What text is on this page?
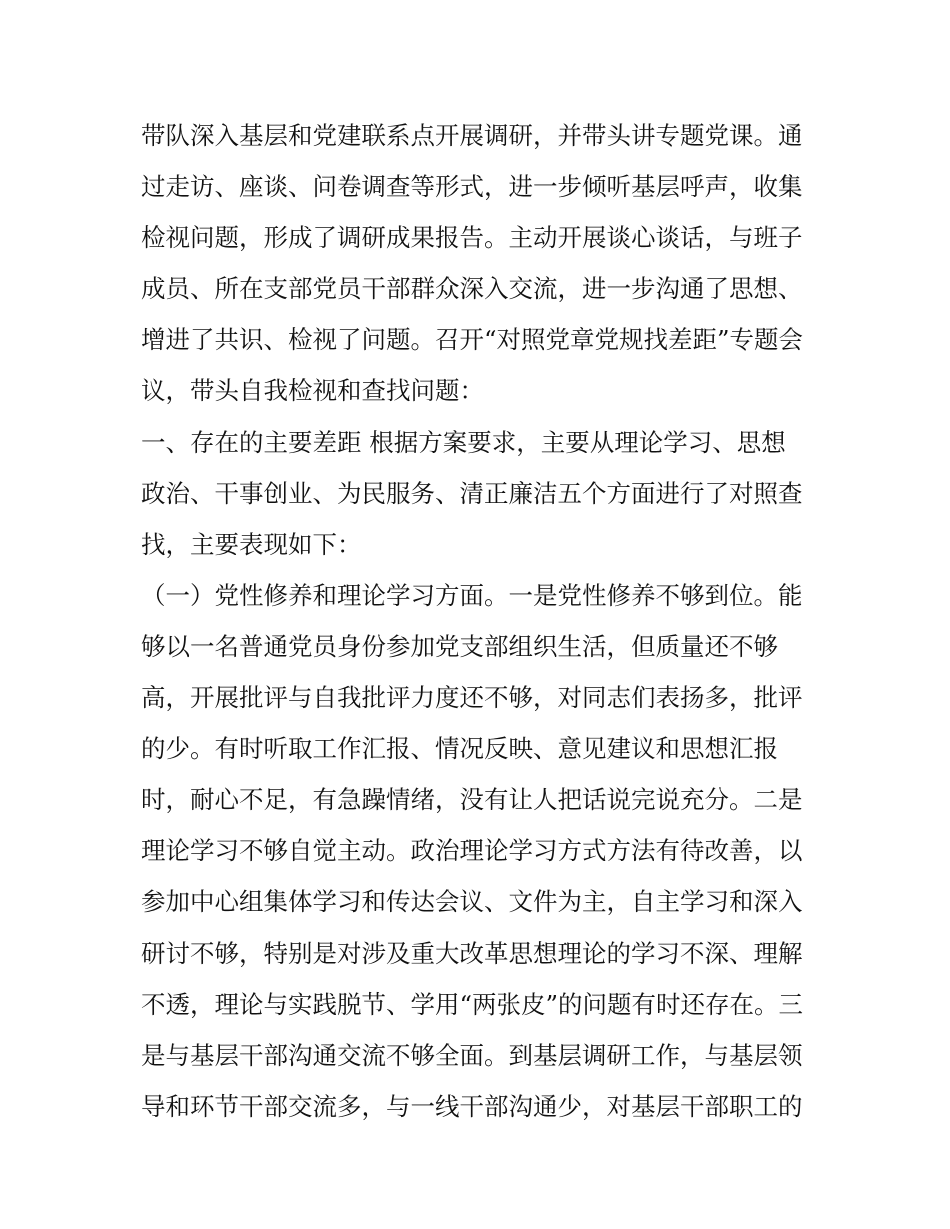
带队深入基层和党建联系点开展调研，并带头讲专题党课。通
过走访、座谈、问卷调查等形式，进一步倾听基层呼声，收集
检视问题，形成了调研成果报告。主动开展谈心谈话，与班子
成员、所在支部党员干部群众深入交流，进一步沟通了思想、
增进了共识、检视了问题。召开“对照党章党规找差距”专题会
议，带头自我检视和查找问题：
一、存在的主要差距 根据方案要求，主要从理论学习、思想
政治、干事创业、为民服务、清正廉洁五个方面进行了对照查
找，主要表现如下：
（一）党性修养和理论学习方面。一是党性修养不够到位。能
够以一名普通党员身份参加党支部组织生活，但质量还不够
高，开展批评与自我批评力度还不够，对同志们表扬多，批评
的少。有时听取工作汇报、情况反映、意见建议和思想汇报
时，耐心不足，有急躁情绪，没有让人把话说完说充分。二是
理论学习不够自觉主动。政治理论学习方式方法有待改善，以
参加中心组集体学习和传达会议、文件为主，自主学习和深入
研讨不够，特别是对涉及重大改革思想理论的学习不深、理解
不透，理论与实践脱节、学用“两张皮”的问题有时还存在。三
是与基层干部沟通交流不够全面。到基层调研工作，与基层领
导和环节干部交流多，与一线干部沟通少，对基层干部职工的
